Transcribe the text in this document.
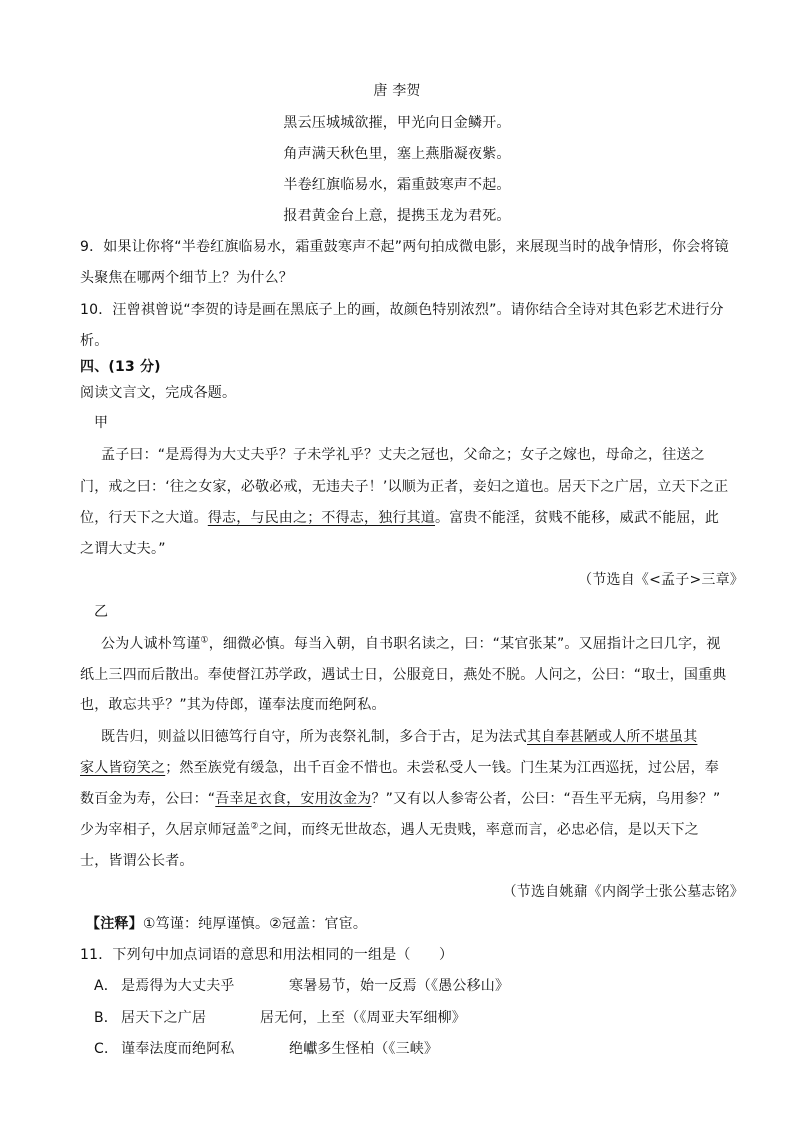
唐 李贺
黑云压城城欲摧，甲光向日金鳞开。
角声满天秋色里，塞上燕脂凝夜紫。
半卷红旗临易水，霜重鼓寒声不起。
报君黄金台上意，提携玉龙为君死。
9．如果让你将“半卷红旗临易水，霜重鼓寒声不起”两句拍成微电影，来展现当时的战争情形，你会将镜
头聚焦在哪两个细节上？为什么？
10．汪曾祺曾说“李贺的诗是画在黑底子上的画，故颜色特别浓烈”。请你结合全诗对其色彩艺术进行分
析。
四、(13 分)
阅读文言文，完成各题。
甲
孟子曰：“是焉得为大丈夫乎？子未学礼乎？丈夫之冠也，父命之；女子之嫁也，母命之，往送之
门，戒之曰：‘往之女家，必敬必戒，无违夫子！’以顺为正者，妾妇之道也。居天下之广居，立天下之正
位，行天下之大道。得志，与民由之；不得志，独行其道。富贵不能淫，贫贱不能移，威武不能屈，此
之谓大丈夫。”
（节选自《<孟子>三章》
乙
公为人诚朴笃谨①，细微必慎。每当入朝，自书职名读之，曰：“某官张某”。又屈指计之曰几字，视
纸上三四而后散出。奉使督江苏学政，遇试士日，公服竟日，燕处不脱。人问之，公曰：“取士，国重典
也，敢忘共乎？”其为侍郎，谨奉法度而绝阿私。
既告归，则益以旧德笃行自守，所为丧祭礼制，多合于古，足为法式其自奉甚陋或人所不堪虽其
家人皆窃笑之；然至族党有缓急，出千百金不惜也。未尝私受人一钱。门生某为江西巡抚，过公居，奉
数百金为寿，公曰：“吾幸足衣食，安用汝金为？”又有以人参寄公者，公曰：“吾生平无病，乌用参？”
少为宰相子，久居京师冠盖②之间，而终无世故态，遇人无贵贱，率意而言，必忠必信，是以天下之
士，皆谓公长者。
（节选自姚鼐《内阁学士张公墓志铭》
【注释】①笃谨：纯厚谨慎。②冠盖：官宦。
11．下列句中加点词语的意思和用法相同的一组是（　　）
A． 是焉得为大丈夫乎	寒暑易节，始一反焉（《愚公移山》
B． 居天下之广居	居无何，上至（《周亚夫军细柳》
C． 谨奉法度而绝阿私	绝巘多生怪柏（《三峡》
